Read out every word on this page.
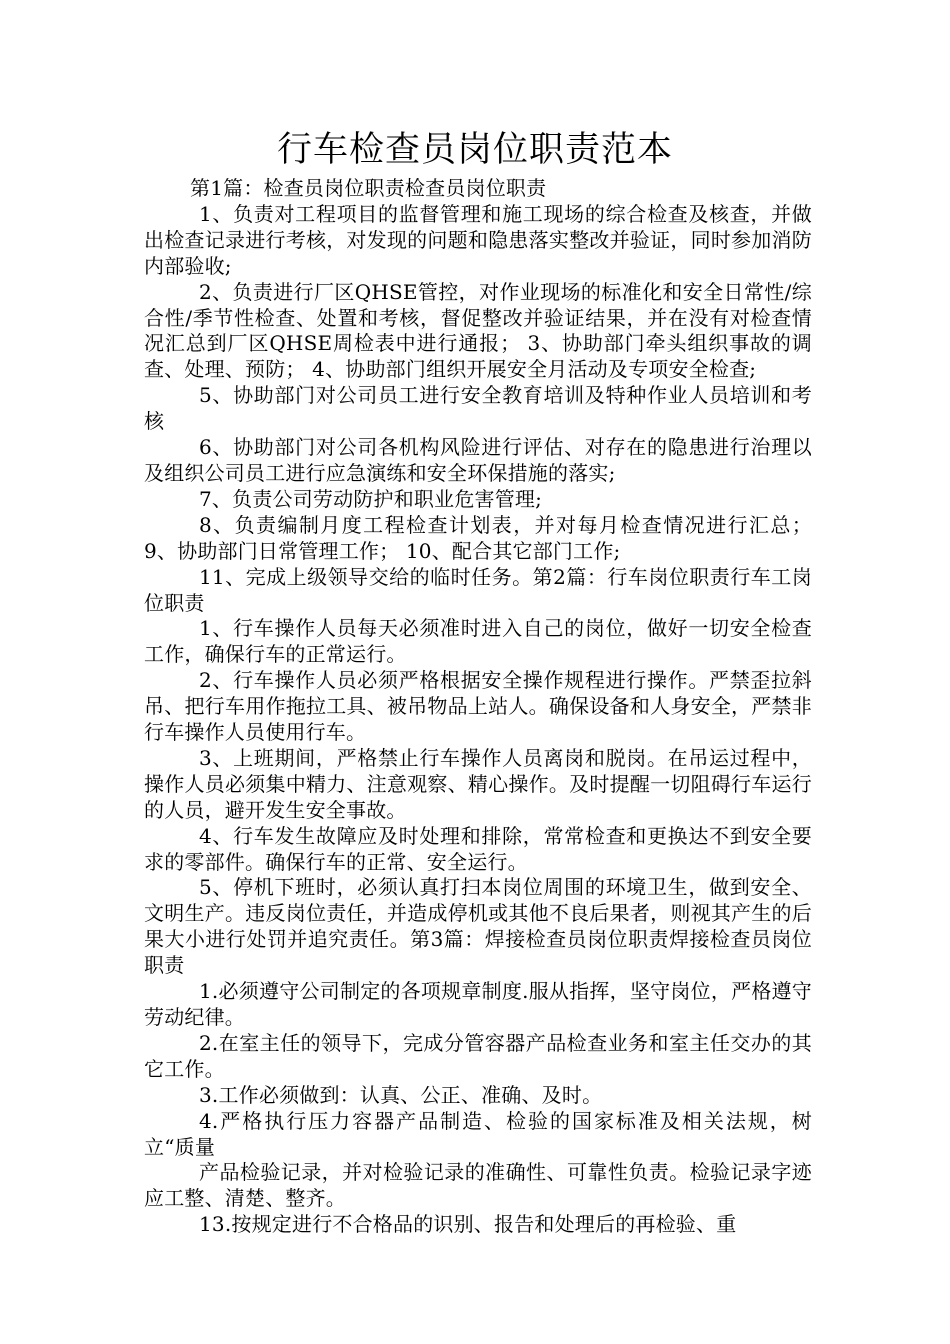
行车检查员岗位职责范本

第1篇：检查员岗位职责检查员岗位职责

1、负责对工程项目的监督管理和施工现场的综合检查及核查，并做出检查记录进行考核，对发现的问题和隐患落实整改并验证，同时参加消防内部验收;

2、负责进行厂区QHSE管控，对作业现场的标准化和安全日常性/综合性/季节性检查、处置和考核，督促整改并验证结果，并在没有对检查情况汇总到厂区QHSE周检表中进行通报； 3、协助部门牵头组织事故的调查、处理、预防； 4、协助部门组织开展安全月活动及专项安全检查;

5、协助部门对公司员工进行安全教育培训及特种作业人员培训和考核

6、协助部门对公司各机构风险进行评估、对存在的隐患进行治理以及组织公司员工进行应急演练和安全环保措施的落实;

7、负责公司劳动防护和职业危害管理;

8、负责编制月度工程检查计划表，并对每月检查情况进行汇总； 9、协助部门日常管理工作； 10、配合其它部门工作;

11、完成上级领导交给的临时任务。第2篇：行车岗位职责行车工岗位职责

1、行车操作人员每天必须准时进入自己的岗位，做好一切安全检查工作，确保行车的正常运行。

2、行车操作人员必须严格根据安全操作规程进行操作。严禁歪拉斜吊、把行车用作拖拉工具、被吊物品上站人。确保设备和人身安全，严禁非行车操作人员使用行车。

3、上班期间，严格禁止行车操作人员离岗和脱岗。在吊运过程中，操作人员必须集中精力、注意观察、精心操作。及时提醒一切阻碍行车运行的人员，避开发生安全事故。

4、行车发生故障应及时处理和排除，常常检查和更换达不到安全要求的零部件。确保行车的正常、安全运行。

5、停机下班时，必须认真打扫本岗位周围的环境卫生，做到安全、文明生产。违反岗位责任，并造成停机或其他不良后果者，则视其产生的后果大小进行处罚并追究责任。第3篇：焊接检查员岗位职责焊接检查员岗位职责

1.必须遵守公司制定的各项规章制度.服从指挥，坚守岗位，严格遵守劳动纪律。

2.在室主任的领导下，完成分管容器产品检查业务和室主任交办的其它工作。

3.工作必须做到：认真、公正、准确、及时。

4.严格执行压力容器产品制造、检验的国家标准及相关法规，树立“质量

产品检验记录，并对检验记录的准确性、可靠性负责。检验记录字迹应工整、清楚、整齐。

13.按规定进行不合格品的识别、报告和处理后的再检验、重
